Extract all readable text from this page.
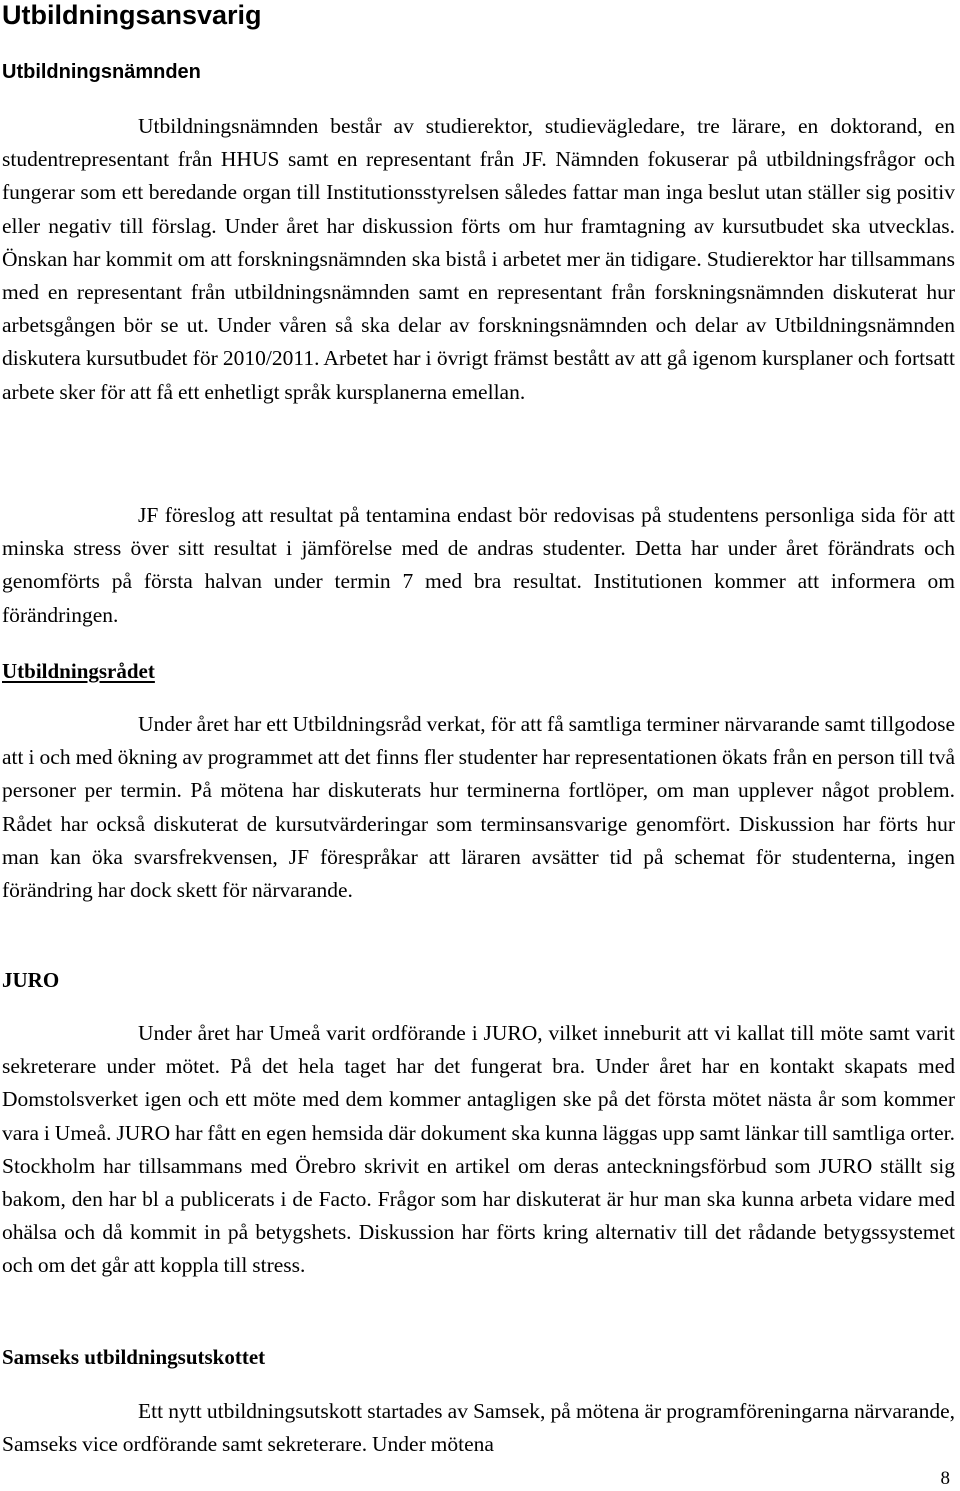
Utbildningsansvarig
Utbildningsnämnden

Utbildningsnämnden består av studierektor, studievägledare, tre lärare, en doktorand, en studentrepresentant från HHUS samt en representant från JF. Nämnden fokuserar på utbildningsfrågor och fungerar som ett beredande organ till Institutionsstyrelsen således fattar man inga beslut utan ställer sig positiv eller negativ till förslag. Under året har diskussion förts om hur framtagning av kursutbudet ska utvecklas. Önskan har kommit om att forskningsnämnden ska bistå i arbetet mer än tidigare. Studierektor har tillsammans med en representant från utbildningsnämnden samt en representant från forskningsnämnden diskuterat hur arbetsgången bör se ut. Under våren så ska delar av forskningsnämnden och delar av Utbildningsnämnden diskutera kursutbudet för 2010/2011. Arbetet har i övrigt främst bestått av att gå igenom kursplaner och fortsatt arbete sker för att få ett enhetligt språk kursplanerna emellan.

JF föreslog att resultat på tentamina endast bör redovisas på studentens personliga sida för att minska stress över sitt resultat i jämförelse med de andras studenter. Detta har under året förändrats och genomförts på första halvan under termin 7 med bra resultat. Institutionen kommer att informera om förändringen.

Utbildningsrådet

Under året har ett Utbildningsråd verkat, för att få samtliga terminer närvarande samt tillgodose att i och med ökning av programmet att det finns fler studenter har representationen ökats från en person till två personer per termin. På mötena har diskuterats hur terminerna fortlöper, om man upplever något problem. Rådet har också diskuterat de kursutvärderingar som terminsansvarige genomfört. Diskussion har förts hur man kan öka svarsfrekvensen, JF förespråkar att läraren avsätter tid på schemat för studenterna, ingen förändring har dock skett för närvarande.

JURO

Under året har Umeå varit ordförande i JURO, vilket inneburit att vi kallat till möte samt varit sekreterare under mötet. På det hela taget har det fungerat bra. Under året har en kontakt skapats med Domstolsverket igen och ett möte med dem kommer antagligen ske på det första mötet nästa år som kommer vara i Umeå. JURO har fått en egen hemsida där dokument ska kunna läggas upp samt länkar till samtliga orter. Stockholm har tillsammans med Örebro skrivit en artikel om deras anteckningsförbud som JURO ställt sig bakom, den har bl a publicerats i de Facto. Frågor som har diskuterat är hur man ska kunna arbeta vidare med ohälsa och då kommit in på betygshets. Diskussion har förts kring alternativ till det rådande betygssystemet och om det går att koppla till stress.

Samseks utbildningsutskottet

Ett nytt utbildningsutskott startades av Samsek, på mötena är programföreningarna närvarande, Samseks vice ordförande samt sekreterare. Under mötena

8
